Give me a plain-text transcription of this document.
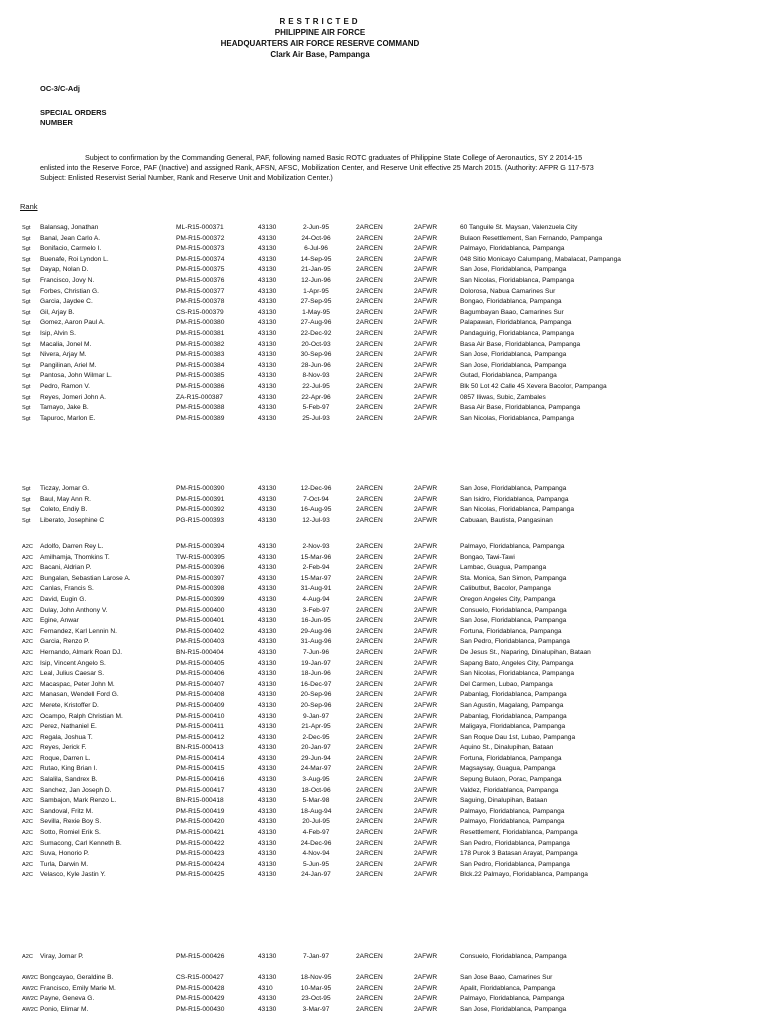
RESTRICTED
PHILIPPINE AIR FORCE
HEADQUARTERS AIR FORCE RESERVE COMMAND
Clark Air Base, Pampanga
OC-3/C-Adj
SPECIAL ORDERS
NUMBER

Subject to confirmation by the Commanding General, PAF, following named Basic ROTC graduates of Philippine State College of Aeronautics, SY 2 2014-15

enlisted into the Reserve Force, PAF (Inactive) and assigned Rank, AFSN, AFSC, Mobilization Center, and Reserve Unit effective 25 March 2015. (Authority: AFPR G 117-573

Subject: Enlisted Reservist Serial Number, Rank and Reserve Unit and Mobilization Center.)

Rank
Sgt Balansag, Jonathan	ML-R15-000371	43130	2-Jun-95	2ARCEN	2AFWR	60 Tanguile St. Maysan, Valenzuela City
Sgt Banal, Jean Carlo A.	PM-R15-000372	43130	24-Oct-96	2ARCEN	2AFWR	Bulaon Resettlement, San Fernando, Pampanga
Sgt Bonifacio, Carmelo I.	PM-R15-000373	43130	6-Jul-96	2ARCEN	2AFWR	Palmayo, Floridablanca, Pampanga
Sgt Buenafe, Roi Lyndon L.	PM-R15-000374	43130	14-Sep-95	2ARCEN	2AFWR	048 Sitio Monicayo Calumpang, Mabalacat, Pampanga
Sgt Dayap, Nolan D.	PM-R15-000375	43130	21-Jan-95	2ARCEN	2AFWR	San Jose, Floridablanca, Pampanga
Sgt Francisco, Jovy N.	PM-R15-000376	43130	12-Jun-96	2ARCEN	2AFWR	San Nicolas, Floridablanca, Pampanga
Sgt Forbes, Christian G.	PM-R15-000377	43130	1-Apr-95	2ARCEN	2AFWR	Dolorosa, Nabua Camarines Sur
Sgt Garcia, Jaydee C.	PM-R15-000378	43130	27-Sep-95	2ARCEN	2AFWR	Bongao, Floridablanca, Pampanga
Sgt Gil, Arjay B.	CS-R15-000379	43130	1-May-95	2ARCEN	2AFWR	Bagumbayan Baao, Camarines Sur
Sgt Gomez, Aaron Paul A.	PM-R15-000380	43130	27-Aug-96	2ARCEN	2AFWR	Palapawan, Floridablanca, Pampanga
Sgt Isip, Alvin S.	PM-R15-000381	43130	22-Dec-92	2ARCEN	2AFWR	Pandaguirig, Floridablanca, Pampanga
Sgt Macalia, Jonel M.	PM-R15-000382	43130	20-Oct-93	2ARCEN	2AFWR	Basa Air Base, Floridablanca, Pampanga
Sgt Nivera, Arjay M.	PM-R15-000383	43130	30-Sep-96	2ARCEN	2AFWR	San Jose, Floridablanca, Pampanga
Sgt Pangilinan, Ariel M.	PM-R15-000384	43130	28-Jun-96	2ARCEN	2AFWR	San Jose, Floridablanca, Pampanga
Sgt Pantosa, John Wilmar L.	PM-R15-000385	43130	8-Nov-93	2ARCEN	2AFWR	Gutad, Floridablanca, Pampanga
Sgt Pedro, Ramon V.	PM-R15-000386	43130	22-Jul-95	2ARCEN	2AFWR	Blk 50 Lot 42 Calle 45 Xevera Bacolor, Pampanga
Sgt Reyes, Jomeri John A.	ZA-R15-000387	43130	22-Apr-96	2ARCEN	2AFWR	0857 Iliwas, Subic, Zambales
Sgt Tamayo, Jake B.	PM-R15-000388	43130	5-Feb-97	2ARCEN	2AFWR	Basa Air Base, Floridablanca, Pampanga
Sgt Tapuroc, Marlon E.	PM-R15-000389	43130	25-Jul-93	2ARCEN	2AFWR	San Nicolas, Floridablanca, Pampanga
Sgt Ticzay, Jomar G.	PM-R15-000390	43130	12-Dec-96	2ARCEN	2AFWR	San Jose, Floridablanca, Pampanga
Sgt Baul, May Ann R.	PM-R15-000391	43130	7-Oct-94	2ARCEN	2AFWR	San Isidro, Floridablanca, Pampanga
Sgt Coleto, Endiy B.	PM-R15-000392	43130	16-Aug-95	2ARCEN	2AFWR	San Nicolas, Floridablanca, Pampanga
Sgt Liberato, Josephine C	PG-R15-000393	43130	12-Jul-93	2ARCEN	2AFWR	Cabuaan, Bautista, Pangasinan
A2C Adolfo, Darren Rey L.	PM-R15-000394	43130	2-Nov-93	2ARCEN	2AFWR	Palmayo, Floridablanca, Pampanga
A2C Amilhamja, Thomkins T.	TW-R15-000395	43130	15-Mar-96	2ARCEN	2AFWR	Bongao, Tawi-Tawi
A2C Bacani, Aldrian P.	PM-R15-000396	43130	2-Feb-94	2ARCEN	2AFWR	Lambac, Guagua, Pampanga
A2C Bungalan, Sebastian Larose A.	PM-R15-000397	43130	15-Mar-97	2ARCEN	2AFWR	Sta. Monica, San Simon, Pampanga
A2C Canlas, Francis S.	PM-R15-000398	43130	31-Aug-91	2ARCEN	2AFWR	Calibutbut, Bacolor, Pampanga
A2C David, Eugin G.	PM-R15-000399	43130	4-Aug-94	2ARCEN	2AFWR	Oregon Angeles City, Pampanga
A2C Dulay, John Anthony V.	PM-R15-000400	43130	3-Feb-97	2ARCEN	2AFWR	Consuelo, Floridablanca, Pampanga
A2C Egine, Anwar	PM-R15-000401	43130	16-Jun-95	2ARCEN	2AFWR	San Jose, Floridablanca, Pampanga
A2C Fernandez, Karl Lennin N.	PM-R15-000402	43130	29-Aug-96	2ARCEN	2AFWR	Fortuna, Floridablanca, Pampanga
A2C Garcia, Renzo P.	PM-R15-000403	43130	31-Aug-96	2ARCEN	2AFWR	San Pedro, Floridablanca, Pampanga
A2C Hernando, Almark Roan DJ.	BN-R15-000404	43130	7-Jun-96	2ARCEN	2AFWR	De Jesus St., Naparing, Dinalupihan, Bataan
A2C Isip, Vincent Angelo S.	PM-R15-000405	43130	19-Jan-97	2ARCEN	2AFWR	Sapang Bato, Angeles City, Pampanga
A2C Leal, Julius Caesar S.	PM-R15-000406	43130	18-Jun-96	2ARCEN	2AFWR	San Nicolas, Floridablanca, Pampanga
A2C Macaspac, Peter John M.	PM-R15-000407	43130	16-Dec-97	2ARCEN	2AFWR	Del Carmen, Lubao, Pampanga
A2C Manasan, Wendell Ford G.	PM-R15-000408	43130	20-Sep-96	2ARCEN	2AFWR	Pabanlag, Floridablanca, Pampanga
A2C Merete, Kristoffer D.	PM-R15-000409	43130	20-Sep-96	2ARCEN	2AFWR	San Agustin, Magalang, Pampanga
A2C Ocampo, Ralph Christian M.	PM-R15-000410	43130	9-Jan-97	2ARCEN	2AFWR	Pabanlag, Floridablanca, Pampanga
A2C Perez, Nathaniel E.	PM-R15-000411	43130	21-Apr-95	2ARCEN	2AFWR	Maligaya, Floridablanca, Pampanga
A2C Regala, Joshua T.	PM-R15-000412	43130	2-Dec-95	2ARCEN	2AFWR	San Roque Dau 1st, Lubao, Pampanga
A2C Reyes, Jerick F.	BN-R15-000413	43130	20-Jan-97	2ARCEN	2AFWR	Aquino St., Dinalupihan, Bataan
A2C Roque, Darren L.	PM-R15-000414	43130	29-Jun-94	2ARCEN	2AFWR	Fortuna, Floridablanca, Pampanga
A2C Rutao, King Brian I.	PM-R15-000415	43130	24-Mar-97	2ARCEN	2AFWR	Magsaysay, Guagua, Pampanga
A2C Salalila, Sandrex B.	PM-R15-000416	43130	3-Aug-95	2ARCEN	2AFWR	Sepung Bulaon, Porac, Pampanga
A2C Sanchez, Jan Joseph D.	PM-R15-000417	43130	18-Oct-96	2ARCEN	2AFWR	Valdez, Floridablanca, Pampanga
A2C Sambajon, Mark Renzo L.	BN-R15-000418	43130	5-Mar-98	2ARCEN	2AFWR	Saguing, Dinalupihan, Bataan
A2C Sandoval, Fritz M.	PM-R15-000419	43130	18-Aug-94	2ARCEN	2AFWR	Palmayo, Floridablanca, Pampanga
A2C Sevilla, Rexie Boy S.	PM-R15-000420	43130	20-Jul-95	2ARCEN	2AFWR	Palmayo, Floridablanca, Pampanga
A2C Sotto, Romiel Erik S.	PM-R15-000421	43130	4-Feb-97	2ARCEN	2AFWR	Resettlement, Floridablanca, Pampanga
A2C Sumacong, Carl Kenneth B.	PM-R15-000422	43130	24-Dec-96	2ARCEN	2AFWR	San Pedro, Floridablanca, Pampanga
A2C Suva, Honorio P.	PM-R15-000423	43130	4-Nov-94	2ARCEN	2AFWR	178 Purok 3 Batasan Arayat, Pampanga
A2C Turla, Darwin M.	PM-R15-000424	43130	5-Jun-95	2ARCEN	2AFWR	San Pedro, Floridablanca, Pampanga
A2C Velasco, Kyle Jastin Y.	PM-R15-000425	43130	24-Jan-97	2ARCEN	2AFWR	Blck.22 Palmayo, Floridablanca, Pampanga
A2C Viray, Jomar P.	PM-R15-000426	43130	7-Jan-97	2ARCEN	2AFWR	Consuelo, Floridablanca, Pampanga
AW2C Bongcayao, Geraldine B.	CS-R15-000427	43130	18-Nov-95	2ARCEN	2AFWR	San Jose Baao, Camarines Sur
AW2C Francisco, Emily Marie M.	PM-R15-000428	4310	10-Mar-95	2ARCEN	2AFWR	Apalit, Floridablanca, Pampanga
AW2C Payne, Geneva G.	PM-R15-000429	43130	23-Oct-95	2ARCEN	2AFWR	Palmayo, Floridablanca, Pampanga
AW2C Ponio, Elimar M.	PM-R15-000430	43130	3-Mar-97	2ARCEN	2AFWR	San Jose, Floridablanca, Pampanga
